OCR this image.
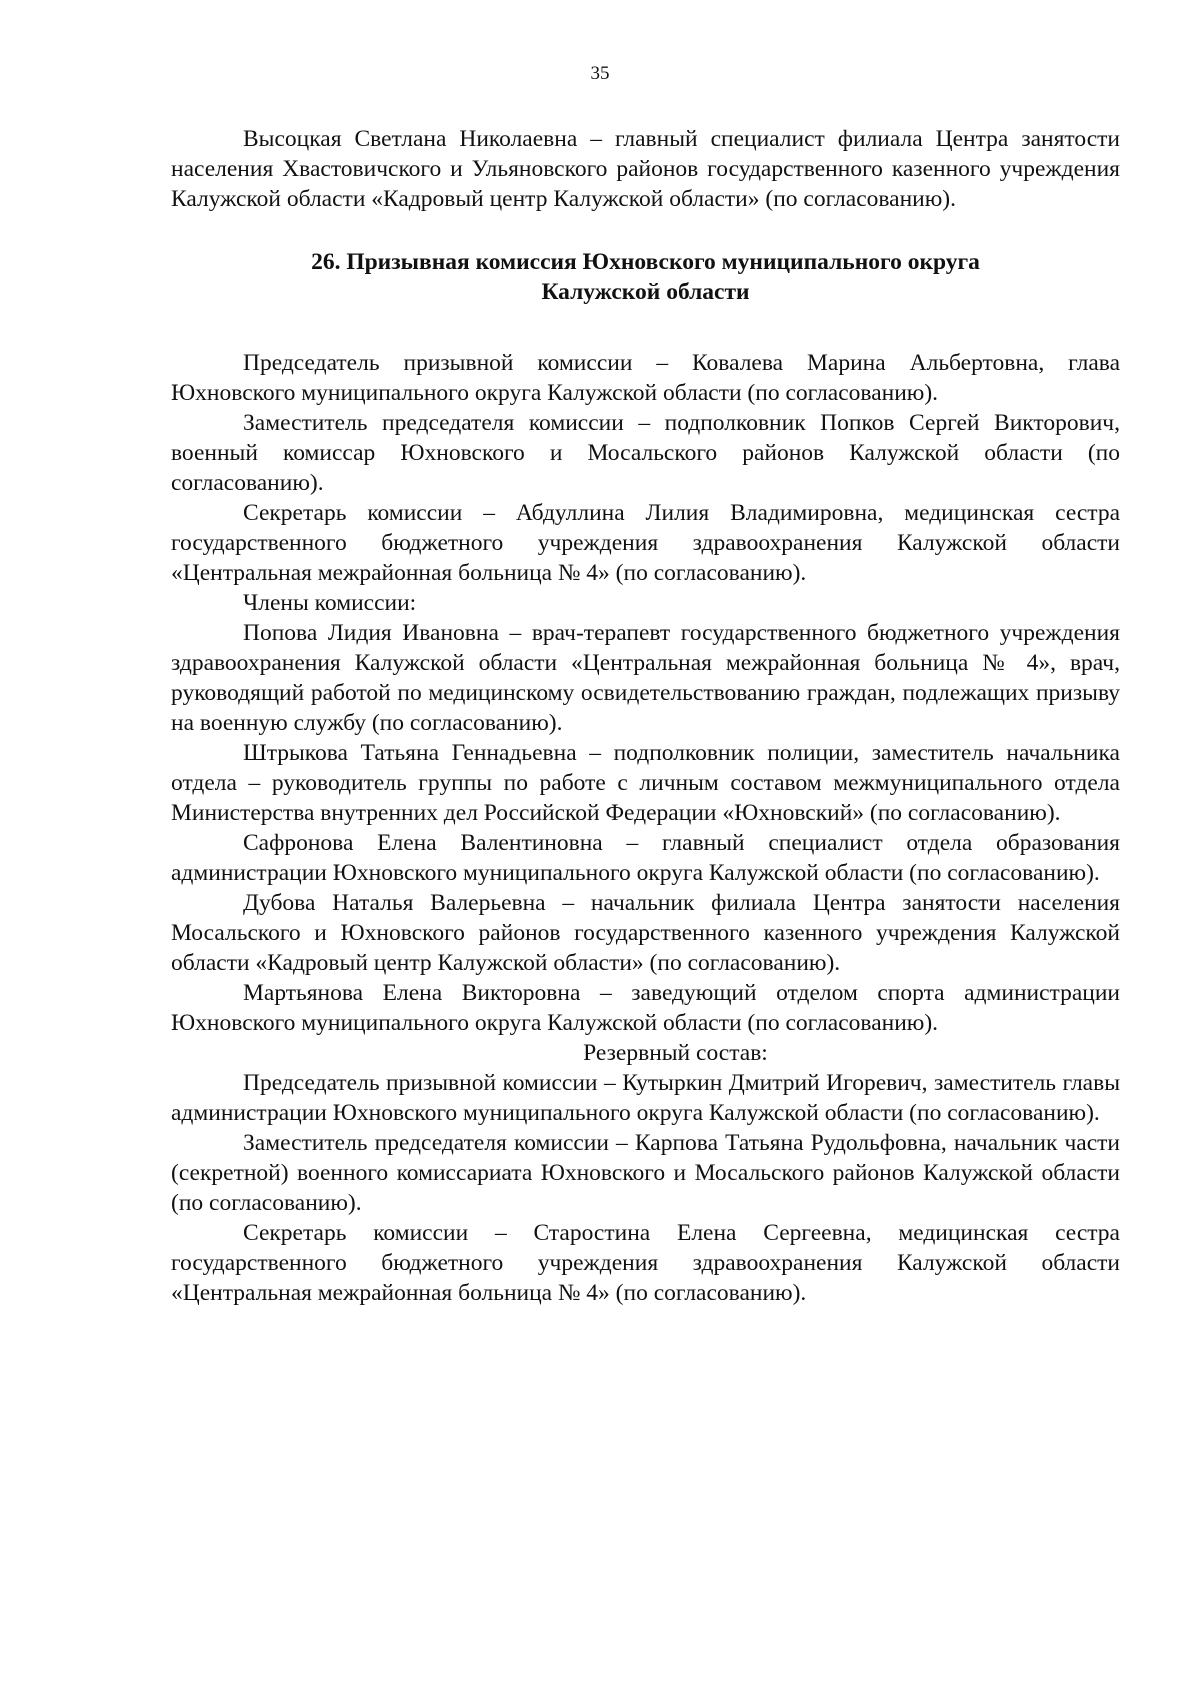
35

Высоцкая Светлана Николаевна – главный специалист филиала Центра занятости населения Хвастовичского и Ульяновского районов государственного казенного учреждения Калужской области «Кадровый центр Калужской области» (по согласованию).

26. Призывная комиссия Юхновского муниципального округа
Калужской области

Председатель призывной комиссии – Ковалева Марина Альбертовна, глава Юхновского муниципального округа Калужской области (по согласованию).

Заместитель председателя комиссии – подполковник Попков Сергей Викторович, военный комиссар Юхновского и Мосальского районов Калужской области (по согласованию).

Секретарь комиссии – Абдуллина Лилия Владимировна, медицинская сестра государственного бюджетного учреждения здравоохранения Калужской области «Центральная межрайонная больница № 4» (по согласованию).

Члены комиссии:

Попова Лидия Ивановна – врач-терапевт государственного бюджетного учреждения здравоохранения Калужской области «Центральная межрайонная больница № 4», врач, руководящий работой по медицинскому освидетельствованию граждан, подлежащих призыву на военную службу (по согласованию).

Штрыкова Татьяна Геннадьевна – подполковник полиции, заместитель начальника отдела – руководитель группы по работе с личным составом межмуниципального отдела Министерства внутренних дел Российской Федерации «Юхновский» (по согласованию).

Сафронова Елена Валентиновна – главный специалист отдела образования администрации Юхновского муниципального округа Калужской области (по согласованию).

Дубова Наталья Валерьевна – начальник филиала Центра занятости населения Мосальского и Юхновского районов государственного казенного учреждения Калужской области «Кадровый центр Калужской области» (по согласованию).

Мартьянова Елена Викторовна – заведующий отделом спорта администрации Юхновского муниципального округа Калужской области (по согласованию).

Резервный состав:

Председатель призывной комиссии – Кутыркин Дмитрий Игоревич, заместитель главы администрации Юхновского муниципального округа Калужской области (по согласованию).

Заместитель председателя комиссии – Карпова Татьяна Рудольфовна, начальник части (секретной) военного комиссариата Юхновского и Мосальского районов Калужской области (по согласованию).

Секретарь комиссии – Старостина Елена Сергеевна, медицинская сестра государственного бюджетного учреждения здравоохранения Калужской области «Центральная межрайонная больница № 4» (по согласованию).
